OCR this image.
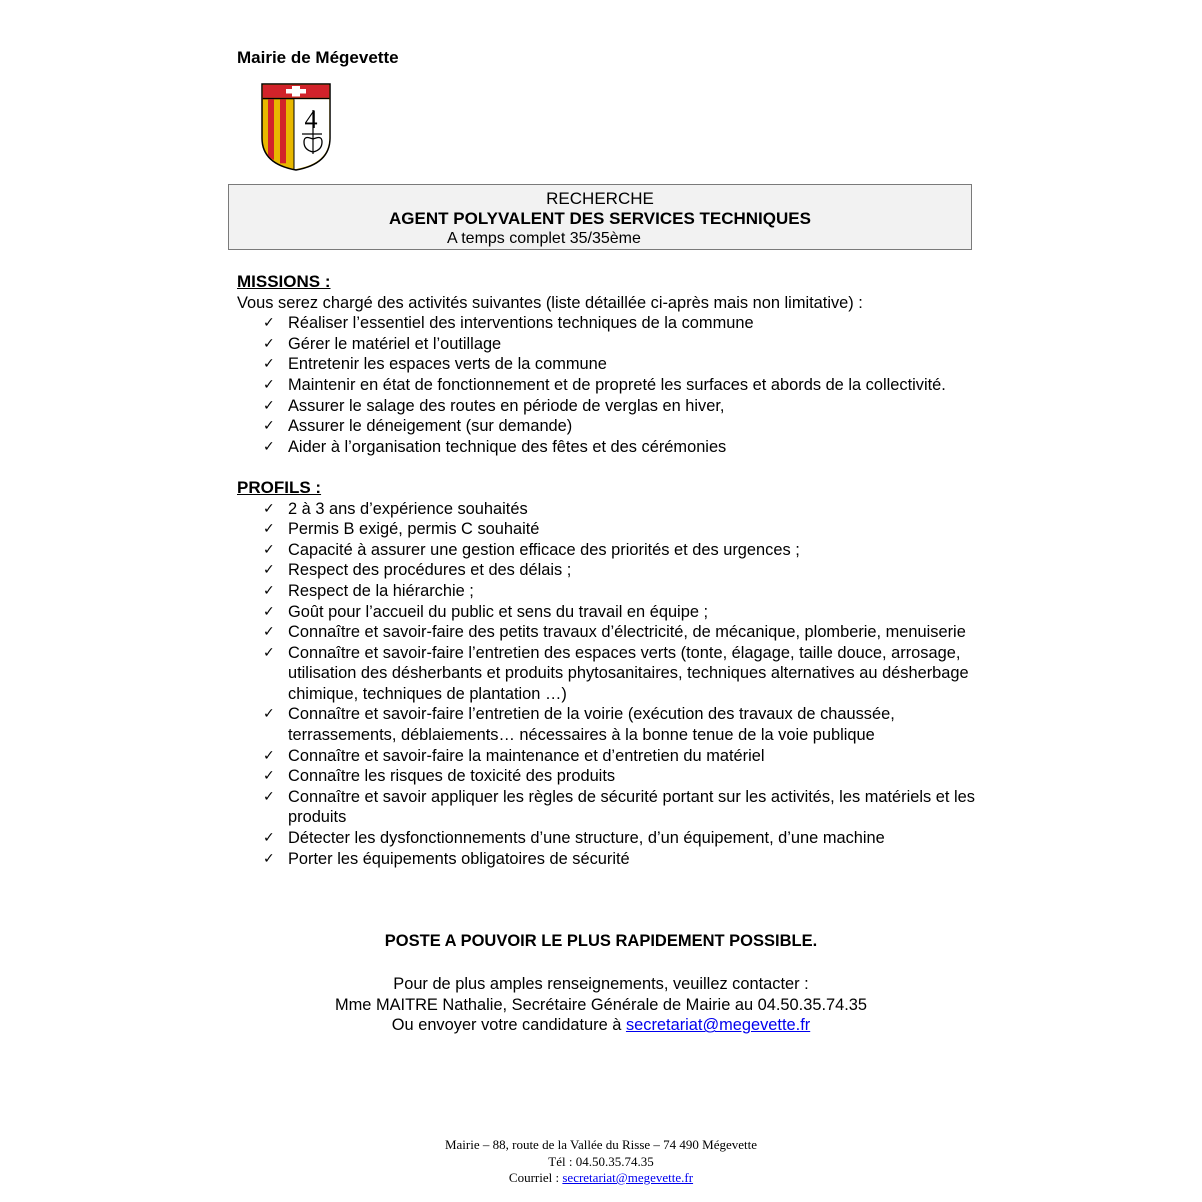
Mairie de Mégevette
4
RECHERCHE
AGENT POLYVALENT DES SERVICES TECHNIQUES
A temps complet 35/35ème
MISSIONS :
Vous serez chargé des activités suivantes (liste détaillée ci-après mais non limitative) :
✓ Réaliser l’essentiel des interventions techniques de la commune
✓ Gérer le matériel et l’outillage
✓ Entretenir les espaces verts de la commune
✓ Maintenir en état de fonctionnement et de propreté les surfaces et abords de la collectivité.
✓ Assurer le salage des routes en période de verglas en hiver,
✓ Assurer le déneigement (sur demande)
✓ Aider à l’organisation technique des fêtes et des cérémonies
PROFILS :
✓ 2 à 3 ans d’expérience souhaités
✓ Permis B exigé, permis C souhaité
✓ Capacité à assurer une gestion efficace des priorités et des urgences ;
✓ Respect des procédures et des délais ;
✓ Respect de la hiérarchie ;
✓ Goût pour l’accueil du public et sens du travail en équipe ;
✓ Connaître et savoir-faire des petits travaux d’électricité, de mécanique, plomberie, menuiserie
✓ Connaître et savoir-faire l’entretien des espaces verts (tonte, élagage, taille douce, arrosage, utilisation des désherbants et produits phytosanitaires, techniques alternatives au désherbage chimique, techniques de plantation …)
✓ Connaître et savoir-faire l’entretien de la voirie (exécution des travaux de chaussée, terrassements, déblaiements… nécessaires à la bonne tenue de la voie publique
✓ Connaître et savoir-faire la maintenance et d’entretien du matériel
✓ Connaître les risques de toxicité des produits
✓ Connaître et savoir appliquer les règles de sécurité portant sur les activités, les matériels et les produits
✓ Détecter les dysfonctionnements d’une structure, d’un équipement, d’une machine
✓ Porter les équipements obligatoires de sécurité
POSTE A POUVOIR LE PLUS RAPIDEMENT POSSIBLE.
Pour de plus amples renseignements, veuillez contacter :
Mme MAITRE Nathalie, Secrétaire Générale de Mairie au 04.50.35.74.35
Ou envoyer votre candidature à secretariat@megevette.fr
Mairie – 88, route de la Vallée du Risse – 74 490 Mégevette
Tél : 04.50.35.74.35
Courriel : secretariat@megevette.fr
